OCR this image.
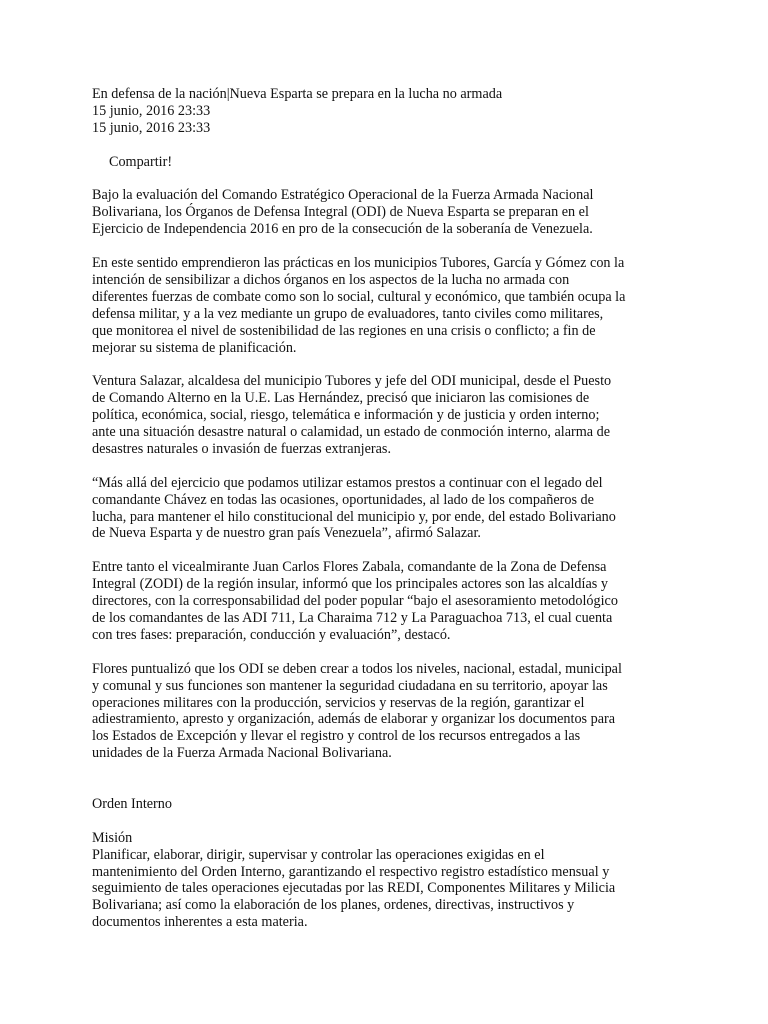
En defensa de la nación|Nueva Esparta se prepara en la lucha no armada
15 junio, 2016 23:33
15 junio, 2016 23:33
Compartir!
Bajo la evaluación del Comando Estratégico Operacional de la Fuerza Armada Nacional
Bolivariana, los Órganos de Defensa Integral (ODI) de Nueva Esparta se preparan en el
Ejercicio de Independencia 2016 en pro de la consecución de la soberanía de Venezuela.
En este sentido emprendieron las prácticas en los municipios Tubores, García y Gómez con la
intención de sensibilizar a dichos órganos en los aspectos de la lucha no armada con
diferentes fuerzas de combate como son lo social, cultural y económico, que también ocupa la
defensa militar, y a la vez mediante un grupo de evaluadores, tanto civiles como militares,
que monitorea el nivel de sostenibilidad de las regiones en una crisis o conflicto; a fin de
mejorar su sistema de planificación.
Ventura Salazar, alcaldesa del municipio Tubores y jefe del ODI municipal, desde el Puesto
de Comando Alterno en la U.E. Las Hernández, precisó que iniciaron las comisiones de
política, económica, social, riesgo, telemática e información y de justicia y orden interno;
ante una situación desastre natural o calamidad, un estado de conmoción interno, alarma de
desastres naturales o invasión de fuerzas extranjeras.
“Más allá del ejercicio que podamos utilizar estamos prestos a continuar con el legado del
comandante Chávez en todas las ocasiones, oportunidades, al lado de los compañeros de
lucha, para mantener el hilo constitucional del municipio y, por ende, del estado Bolivariano
de Nueva Esparta y de nuestro gran país Venezuela”, afirmó Salazar.
Entre tanto el vicealmirante Juan Carlos Flores Zabala, comandante de la Zona de Defensa
Integral (ZODI) de la región insular, informó que los principales actores son las alcaldías y
directores, con la corresponsabilidad del poder popular “bajo el asesoramiento metodológico
de los comandantes de las ADI 711, La Charaima 712 y La Paraguachoa 713, el cual cuenta
con tres fases: preparación, conducción y evaluación”, destacó.
Flores puntualizó que los ODI se deben crear a todos los niveles, nacional, estadal, municipal
y comunal y sus funciones son mantener la seguridad ciudadana en su territorio, apoyar las
operaciones militares con la producción, servicios y reservas de la región, garantizar el
adiestramiento, apresto y organización, además de elaborar y organizar los documentos para
los Estados de Excepción y llevar el registro y control de los recursos entregados a las
unidades de la Fuerza Armada Nacional Bolivariana.
Orden Interno
Misión
Planificar, elaborar, dirigir, supervisar y controlar las operaciones exigidas en el
mantenimiento del Orden Interno, garantizando el respectivo registro estadístico mensual y
seguimiento de tales operaciones ejecutadas por las REDI, Componentes Militares y Milicia
Bolivariana; así como la elaboración de los planes, ordenes, directivas, instructivos y
documentos inherentes a esta materia.
